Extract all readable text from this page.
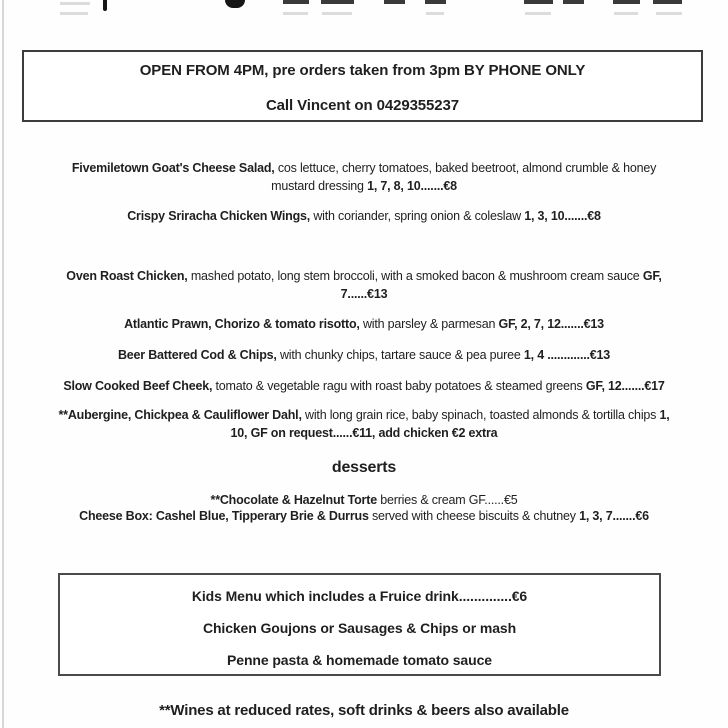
OPEN FROM 4PM, pre orders taken from 3pm BY PHONE ONLY

Call Vincent on 0429355237

Fivemiletown Goat's Cheese Salad, cos lettuce, cherry tomatoes, baked beetroot, almond crumble & honey mustard dressing 1, 7, 8, 10.......€8

Crispy Sriracha Chicken Wings, with coriander, spring onion & coleslaw 1, 3, 10.......€8

Oven Roast Chicken, mashed potato, long stem broccoli, with a smoked bacon & mushroom cream sauce GF, 7......€13

Atlantic Prawn, Chorizo & tomato risotto, with parsley & parmesan GF, 2, 7, 12.......€13

Beer Battered Cod & Chips, with chunky chips, tartare sauce & pea puree 1, 4 .............€13

Slow Cooked Beef Cheek, tomato & vegetable ragu with roast baby potatoes & steamed greens GF, 12.......€17

**Aubergine, Chickpea & Cauliflower Dahl, with long grain rice, baby spinach, toasted almonds & tortilla chips 1, 10, GF on request......€11, add chicken €2 extra

desserts

**Chocolate & Hazelnut Torte berries & cream GF......€5

Cheese Box: Cashel Blue, Tipperary Brie & Durrus served with cheese biscuits & chutney 1, 3, 7.......€6

Kids Menu which includes a Fruice drink..............€6

Chicken Goujons or Sausages & Chips or mash

Penne pasta & homemade tomato sauce

**Wines at reduced rates, soft drinks & beers also available
